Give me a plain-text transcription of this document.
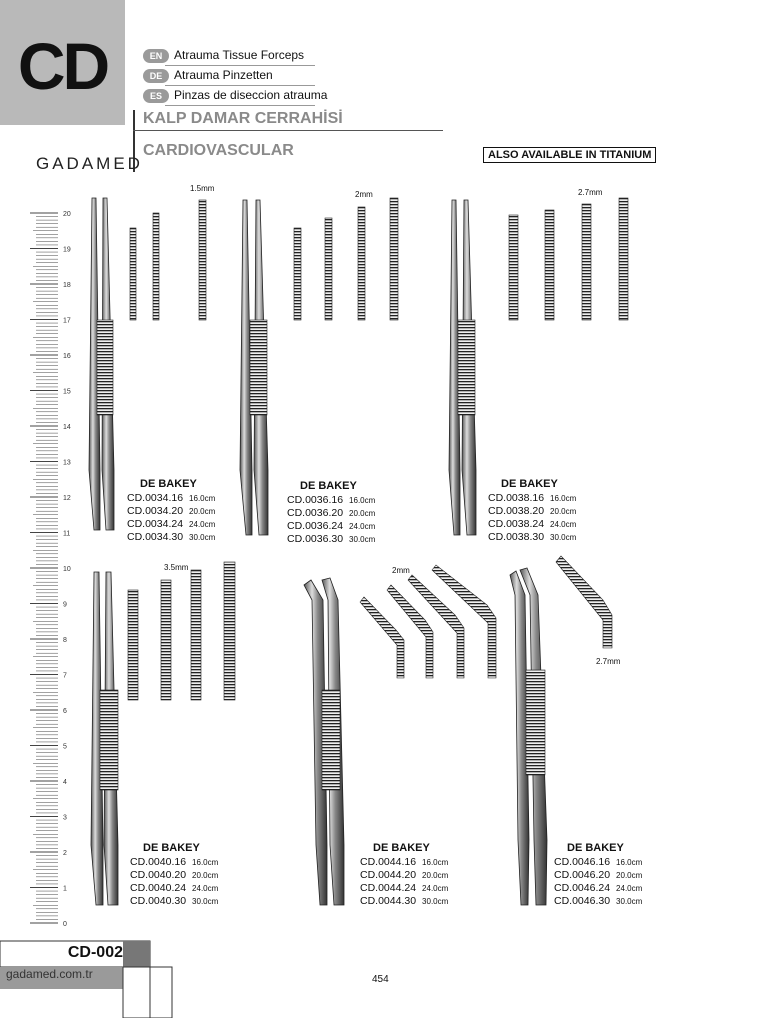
CD	EN Atrauma Tissue Forceps
DE Atrauma Pinzetten
ES	Pinzas de diseccion atrauma
KALP DAMAR CERRAHİSİ
CARDIOVASCULAR
GADAMED	ALSO AVAILABLE IN TITANIUM
20
19
18
17
16
15
14
13
12
11
10
9
8
7
6
5
4
3
2
1
0
1.5mm
2mm	2.7mm
3.5mm	2mm
2.7mm
DE BAKEY
CD.0034.16 16.0cm
CD.0034.20 20.0cm
CD.0034.24 24.0cm
CD.0034.30 30.0cm
DE BAKEY
CD.0036.16 16.0cm
CD.0036.20 20.0cm
CD.0036.24 24.0cm
CD.0036.30 30.0cm
DE BAKEY
CD.0038.16 16.0cm
CD.0038.20 20.0cm
CD.0038.24 24.0cm
CD.0038.30 30.0cm
DE BAKEY
CD.0040.16 16.0cm
CD.0040.20 20.0cm
CD.0040.24 24.0cm
CD.0040.30 30.0cm
DE BAKEY
CD.0044.16 16.0cm
CD.0044.20 20.0cm
CD.0044.24 24.0cm
CD.0044.30 30.0cm
DE BAKEY
CD.0046.16 16.0cm
CD.0046.20 20.0cm
CD.0046.24 24.0cm
CD.0046.30 30.0cm
CD-002
gadamed.com.tr	454
